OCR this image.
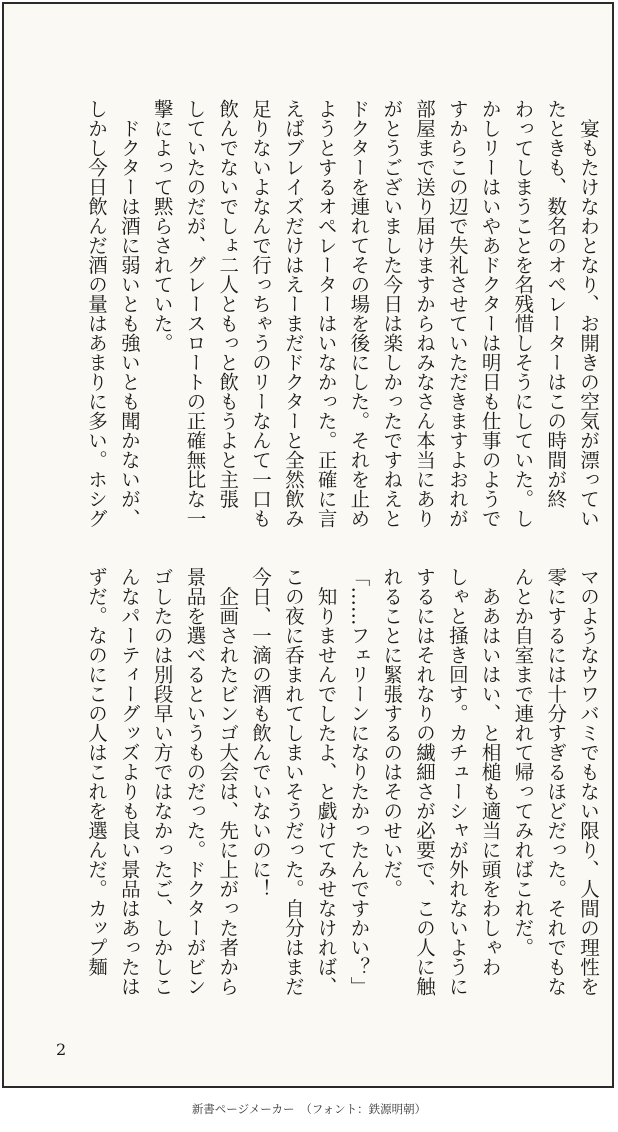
　宴もたけなわとなり、お開きの空気が漂ってい
たときも、数名のオペレーターはこの時間が終
わってしまうことを名残惜しそうにしていた。し
かしリーはいやあドクターは明日も仕事のようで
すからこの辺で失礼させていただきますよおれが
部屋まで送り届けますからねみなさん本当にあり
がとうございました今日は楽しかったですねえと
ドクターを連れてその場を後にした。それを止め
ようとするオペレーターはいなかった。正確に言
えばブレイズだけはえーまだドクターと全然飲み
足りないよなんで行っちゃうのリーなんて一口も
飲んでないでしょ二人ともっと飲もうよと主張
していたのだが、グレースロートの正確無比な一
撃によって黙らされていた。
　ドクターは酒に弱いとも強いとも聞かないが、
しかし今日飲んだ酒の量はあまりに多い。ホシグ
マのようなウワバミでもない限り、人間の理性を
零にするには十分すぎるほどだった。それでもな
んとか自室まで連れて帰ってみればこれだ。
　ああはいはい、と相槌も適当に頭をわしゃわ
しゃと掻き回す。カチューシャが外れないように
するにはそれなりの繊細さが必要で、この人に触
れることに緊張するのはそのせいだ。
「……フェリーンになりたかったんですかい？」
　知りませんでしたよ、と戯けてみせなければ、
この夜に呑まれてしまいそうだった。自分はまだ
今日、一滴の酒も飲んでいないのに！
　企画されたビンゴ大会は、先に上がった者から
景品を選べるというものだった。ドクターがビン
ゴしたのは別段早い方ではなかったご、しかしこ
んなパーティーグッズよりも良い景品はあったは
ずだ。なのにこの人はこれを選んだ。カップ麺
2
新書ページメーカー　（フォント：鉄源明朝）
